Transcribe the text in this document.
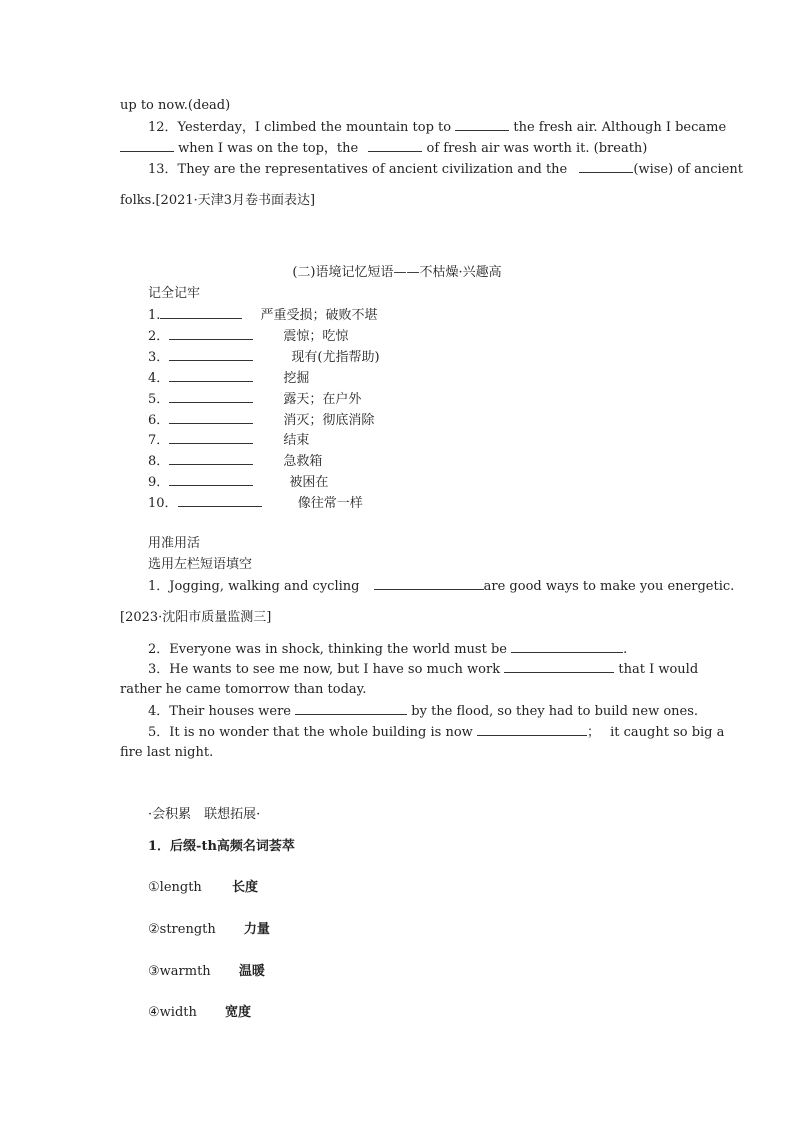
up to now.(dead)
12．Yesterday，I climbed the mountain top to	the fresh air. Although I became
when I was on the top，the	of fresh air was worth it. (breath)
13．They are the representatives of ancient civilization and the	(wise) of ancient
folks.[2021·天津3月卷书面表达]
(二)语境记忆短语——不枯燥·兴趣高
记全记牢
1.	严重受损；破败不堪
2．	震惊；吃惊
3．	现有(尤指帮助)
4．	挖掘
5．	露天；在户外
6．	消灭；彻底消除
7．	结束
8．	急救箱
9．	被困在
10．	像往常一样
用准用活
选用左栏短语填空
1．Jogging, walking and cycling	are good ways to make you energetic.
[2023·沈阳市质量监测三]
2．Everyone was in shock, thinking the world must be	.
3．He wants to see me now, but I have so much work	that I would
rather he came tomorrow than today.
4．Their houses were	by the flood, so they had to build new ones.
5．It is no wonder that the whole building is now	； it caught so big a
fire last night.
·会积累　联想拓展·
1．后缀-th高频名词荟萃
①length 长度
②strength 力量
③warmth 温暖
④width 宽度
